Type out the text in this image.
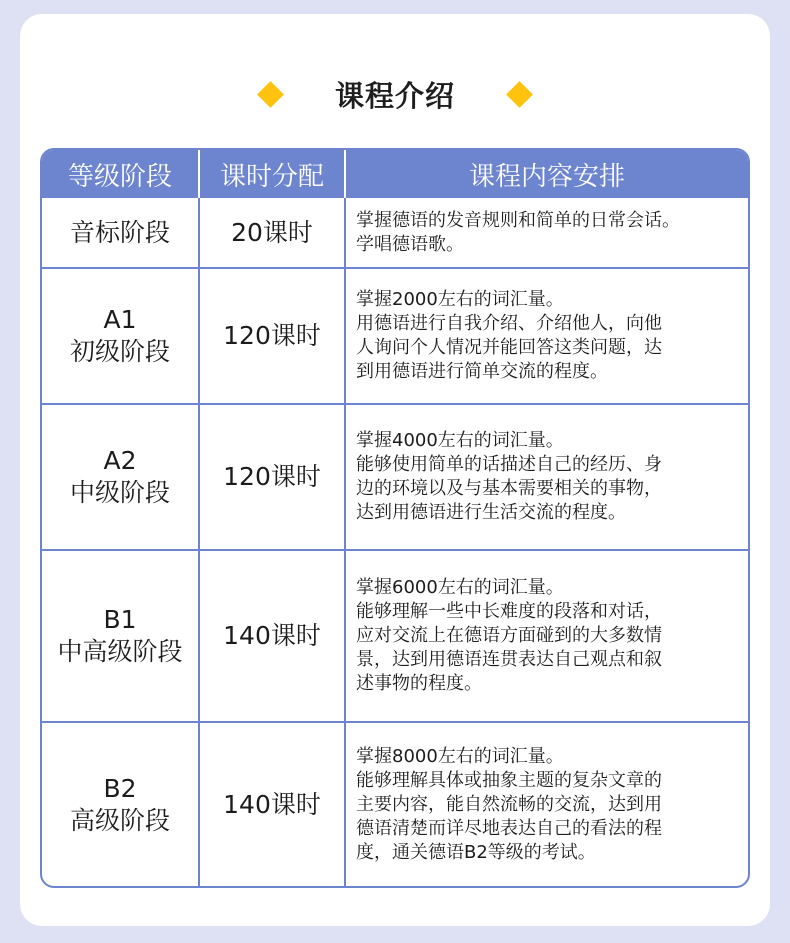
课程介绍
等级阶段	课时分配	课程内容安排

音标阶段	20课时	掌握德语的发音规则和简单的日常会话。
学唱德语歌。

A1
初级阶段	120课时	掌握2000左右的词汇量。
用德语进行自我介绍、介绍他人，向他
人询问个人情况并能回答这类问题，达
到用德语进行简单交流的程度。

A2
中级阶段	120课时	掌握4000左右的词汇量。
能够使用简单的话描述自己的经历、身
边的环境以及与基本需要相关的事物，
达到用德语进行生活交流的程度。

B1
中高级阶段	140课时	掌握6000左右的词汇量。
能够理解一些中长难度的段落和对话，
应对交流上在德语方面碰到的大多数情
景，达到用德语连贯表达自己观点和叙
述事物的程度。

B2
高级阶段	140课时	掌握8000左右的词汇量。
能够理解具体或抽象主题的复杂文章的
主要内容，能自然流畅的交流，达到用
德语清楚而详尽地表达自己的看法的程
度，通关德语B2等级的考试。
